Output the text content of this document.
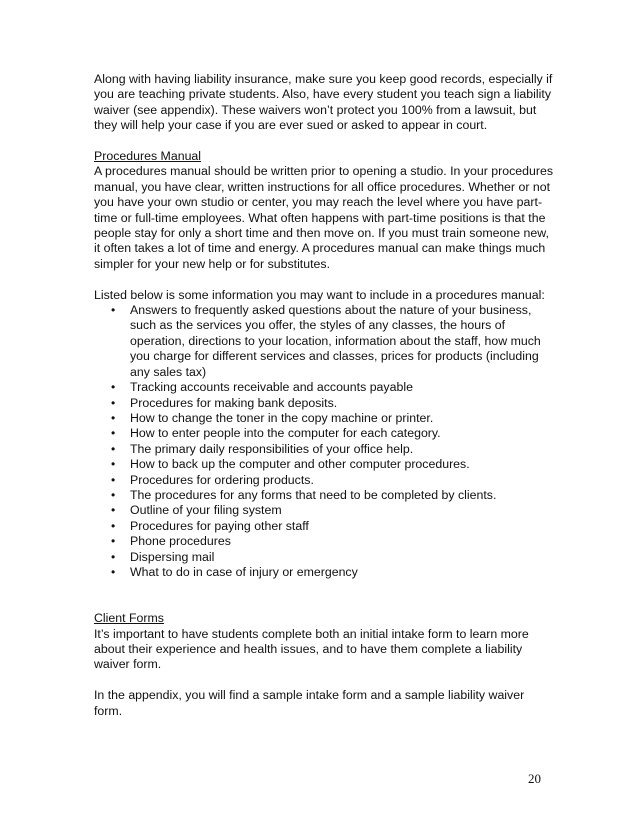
Along with having liability insurance, make sure you keep good records, especially if you are teaching private students. Also, have every student you teach sign a liability waiver (see appendix). These waivers won’t protect you 100% from a lawsuit, but they will help your case if you are ever sued or asked to appear in court.

Procedures Manual

A procedures manual should be written prior to opening a studio. In your procedures manual, you have clear, written instructions for all office procedures. Whether or not you have your own studio or center, you may reach the level where you have part-time or full-time employees. What often happens with part-time positions is that the people stay for only a short time and then move on. If you must train someone new, it often takes a lot of time and energy. A procedures manual can make things much simpler for your new help or for substitutes.

Listed below is some information you may want to include in a procedures manual:

• Answers to frequently asked questions about the nature of your business, such as the services you offer, the styles of any classes, the hours of operation, directions to your location, information about the staff, how much you charge for different services and classes, prices for products (including any sales tax)
• Tracking accounts receivable and accounts payable
• Procedures for making bank deposits.
• How to change the toner in the copy machine or printer.
• How to enter people into the computer for each category.
• The primary daily responsibilities of your office help.
• How to back up the computer and other computer procedures.
• Procedures for ordering products.
• The procedures for any forms that need to be completed by clients.
• Outline of your filing system
• Procedures for paying other staff
• Phone procedures
• Dispersing mail
• What to do in case of injury or emergency

Client Forms

It’s important to have students complete both an initial intake form to learn more about their experience and health issues, and to have them complete a liability waiver form.

In the appendix, you will find a sample intake form and a sample liability waiver form.

20
